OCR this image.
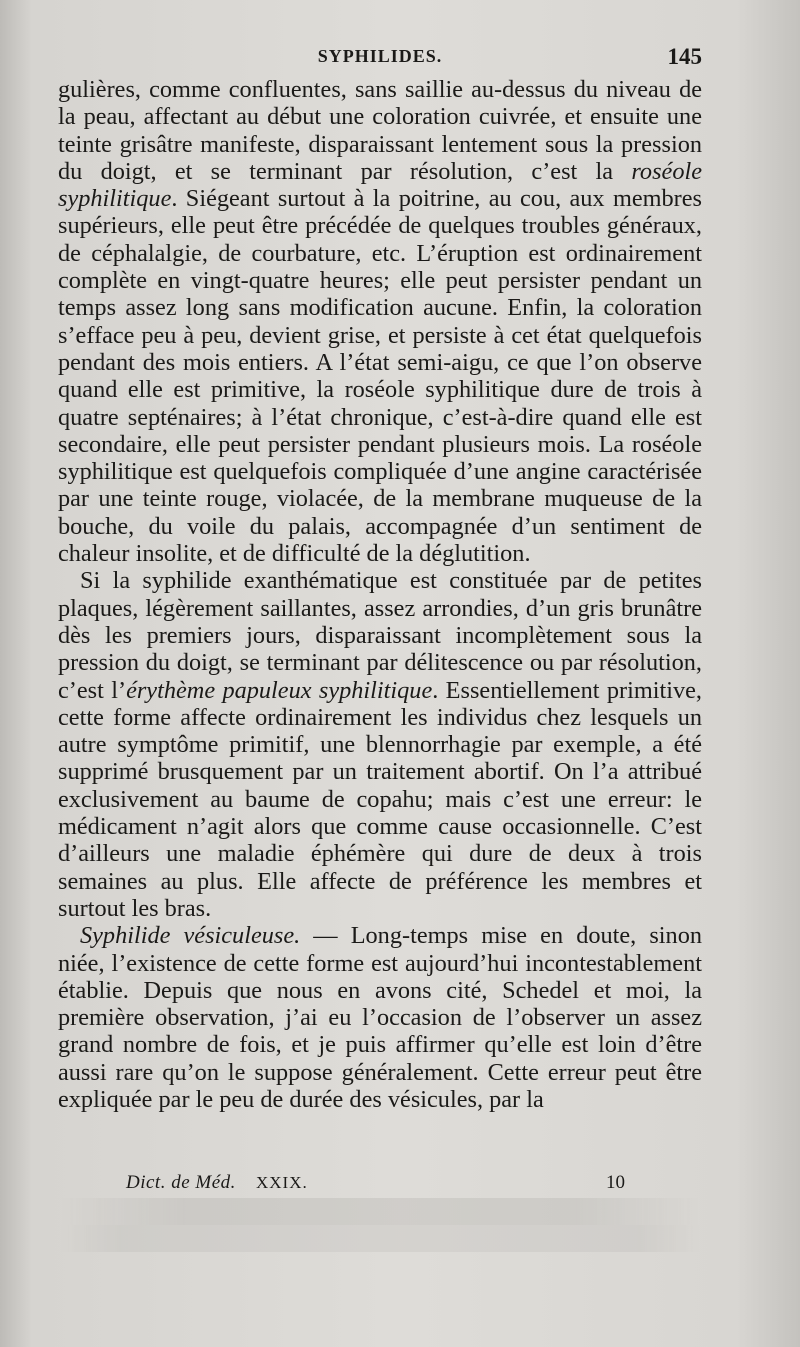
SYPHILIDES.	145

gulières, comme confluentes, sans saillie au-dessus du niveau de la peau, affectant au début une coloration cuivrée, et ensuite une teinte grisâtre manifeste, disparaissant lentement sous la pression du doigt, et se terminant par résolution, c’est la roséole syphilitique. Siégeant surtout à la poitrine, au cou, aux membres supérieurs, elle peut être précédée de quelques troubles généraux, de céphalalgie, de courbature, etc. L’éruption est ordinairement complète en vingt-quatre heures; elle peut persister pendant un temps assez long sans modification aucune. Enfin, la coloration s’efface peu à peu, devient grise, et persiste à cet état quelquefois pendant des mois entiers. A l’état semi-aigu, ce que l’on observe quand elle est primitive, la roséole syphilitique dure de trois à quatre septénaires; à l’état chronique, c’est-à-dire quand elle est secondaire, elle peut persister pendant plusieurs mois. La roséole syphilitique est quelquefois compliquée d’une angine caractérisée par une teinte rouge, violacée, de la membrane muqueuse de la bouche, du voile du palais, accompagnée d’un sentiment de chaleur insolite, et de difficulté de la déglutition.

Si la syphilide exanthématique est constituée par de petites plaques, légèrement saillantes, assez arrondies, d’un gris brunâtre dès les premiers jours, disparaissant incomplètement sous la pression du doigt, se terminant par délitescence ou par résolution, c’est l’érythème papuleux syphilitique. Essentiellement primitive, cette forme affecte ordinairement les individus chez lesquels un autre symptôme primitif, une blennorrhagie par exemple, a été supprimé brusquement par un traitement abortif. On l’a attribué exclusivement au baume de copahu; mais c’est une erreur: le médicament n’agit alors que comme cause occasionnelle. C’est d’ailleurs une maladie éphémère qui dure de deux à trois semaines au plus. Elle affecte de préférence les membres et surtout les bras.

Syphilide vésiculeuse. — Long-temps mise en doute, sinon niée, l’existence de cette forme est aujourd’hui incontestablement établie. Depuis que nous en avons cité, Schedel et moi, la première observation, j’ai eu l’occasion de l’observer un assez grand nombre de fois, et je puis affirmer qu’elle est loin d’être aussi rare qu’on le suppose généralement. Cette erreur peut être expliquée par le peu de durée des vésicules, par la

Dict. de Méd. XXIX.	10
